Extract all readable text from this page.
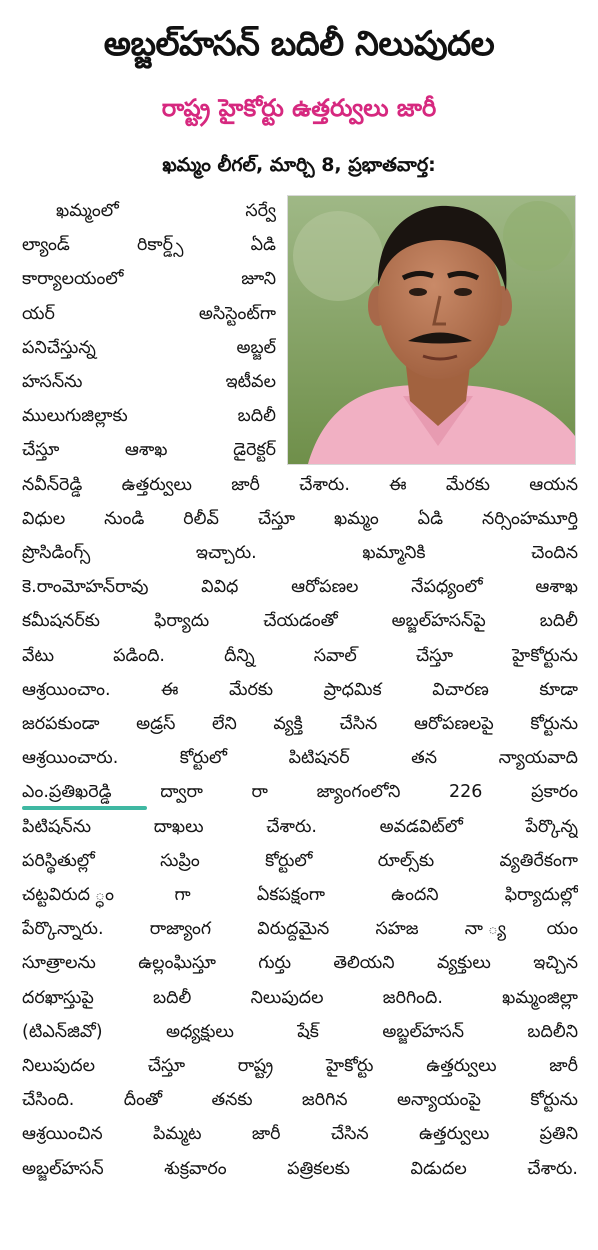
అబ్జల్‌హసన్ బదిలీ నిలుపుదల
రాష్ట్ర హైకోర్టు ఉత్తర్వులు జారీ
ఖమ్మం లీగల్, మార్చి 8, ప్రభాతవార్త:
ఖమ్మంలో సర్వే
ల్యాండ్ రికార్డ్స్ ఏడి
కార్యాలయంలో జూని
యర్ అసిస్టెంట్‌గా
పనిచేస్తున్న అబ్జల్
హసన్‌ను ఇటీవల
ములుగుజిల్లాకు బదిలీ
చేస్తూ ఆశాఖ డైరెక్టర్
నవీన్‌రెడ్డి ఉత్తర్వులు జారీ చేశారు. ఈ మేరకు ఆయన
విధుల నుండి రిలీవ్ చేస్తూ ఖమ్మం ఏడి నర్సింహమూర్తి
ప్రొసిడింగ్స్ ఇచ్చారు. ఖమ్మానికి చెందిన
కె.రాంమోహన్‌రావు వివిధ ఆరోపణల నేపధ్యంలో ఆశాఖ
కమీషనర్‌కు ఫిర్యాదు చేయడంతో అబ్జల్‌హసన్‌పై బదిలీ
వేటు పడింది. దీన్ని సవాల్ చేస్తూ హైకోర్టును
ఆశ్రయించాం. ఈ మేరకు ప్రాధమిక విచారణ కూడా
జరపకుండా అడ్రస్ లేని వ్యక్తి చేసిన ఆరోపణలపై కోర్టును
ఆశ్రయించారు. కోర్టులో పిటిషనర్ తన న్యాయవాది
ఎం.ప్రతిఖరెడ్డి ద్వారా రా జ్యాంగంలోని 226 ప్రకారం
పిటిషన్‌ను దాఖలు చేశారు. అవడవిట్‌లో పేర్కొన్న
పరిస్థితుల్లో సుప్రిం కోర్టులో రూల్స్‌కు వ్యతిరేకంగా
చట్టవిరుద ్ధంగా ఏకపక్షంగా ఉందని ఫిర్యాదుల్లో
పేర్కొన్నారు. రాజ్యాంగ విరుద్దమైన సహజ నా ్యయం
సూత్రాలను ఉల్లంఘిస్తూ గుర్తు తెలియని వ్యక్తులు ఇచ్చిన
దరఖాస్తుపై బదిలీ నిలుపుదల జరిగింది. ఖమ్మంజిల్లా
(టిఎన్‌జివో) అధ్యక్షులు షేక్ అబ్జల్‌హసన్ బదిలీని
నిలుపుదల చేస్తూ రాష్ట్ర హైకోర్టు ఉత్తర్వులు జారీ
చేసింది. దీంతో తనకు జరిగిన అన్యాయంపై కోర్టును
ఆశ్రయించిన పిమ్మట జారీ చేసిన ఉత్తర్వులు ప్రతిని
అబ్జల్‌హసన్ శుక్రవారం పత్రికలకు విడుదల చేశారు.
